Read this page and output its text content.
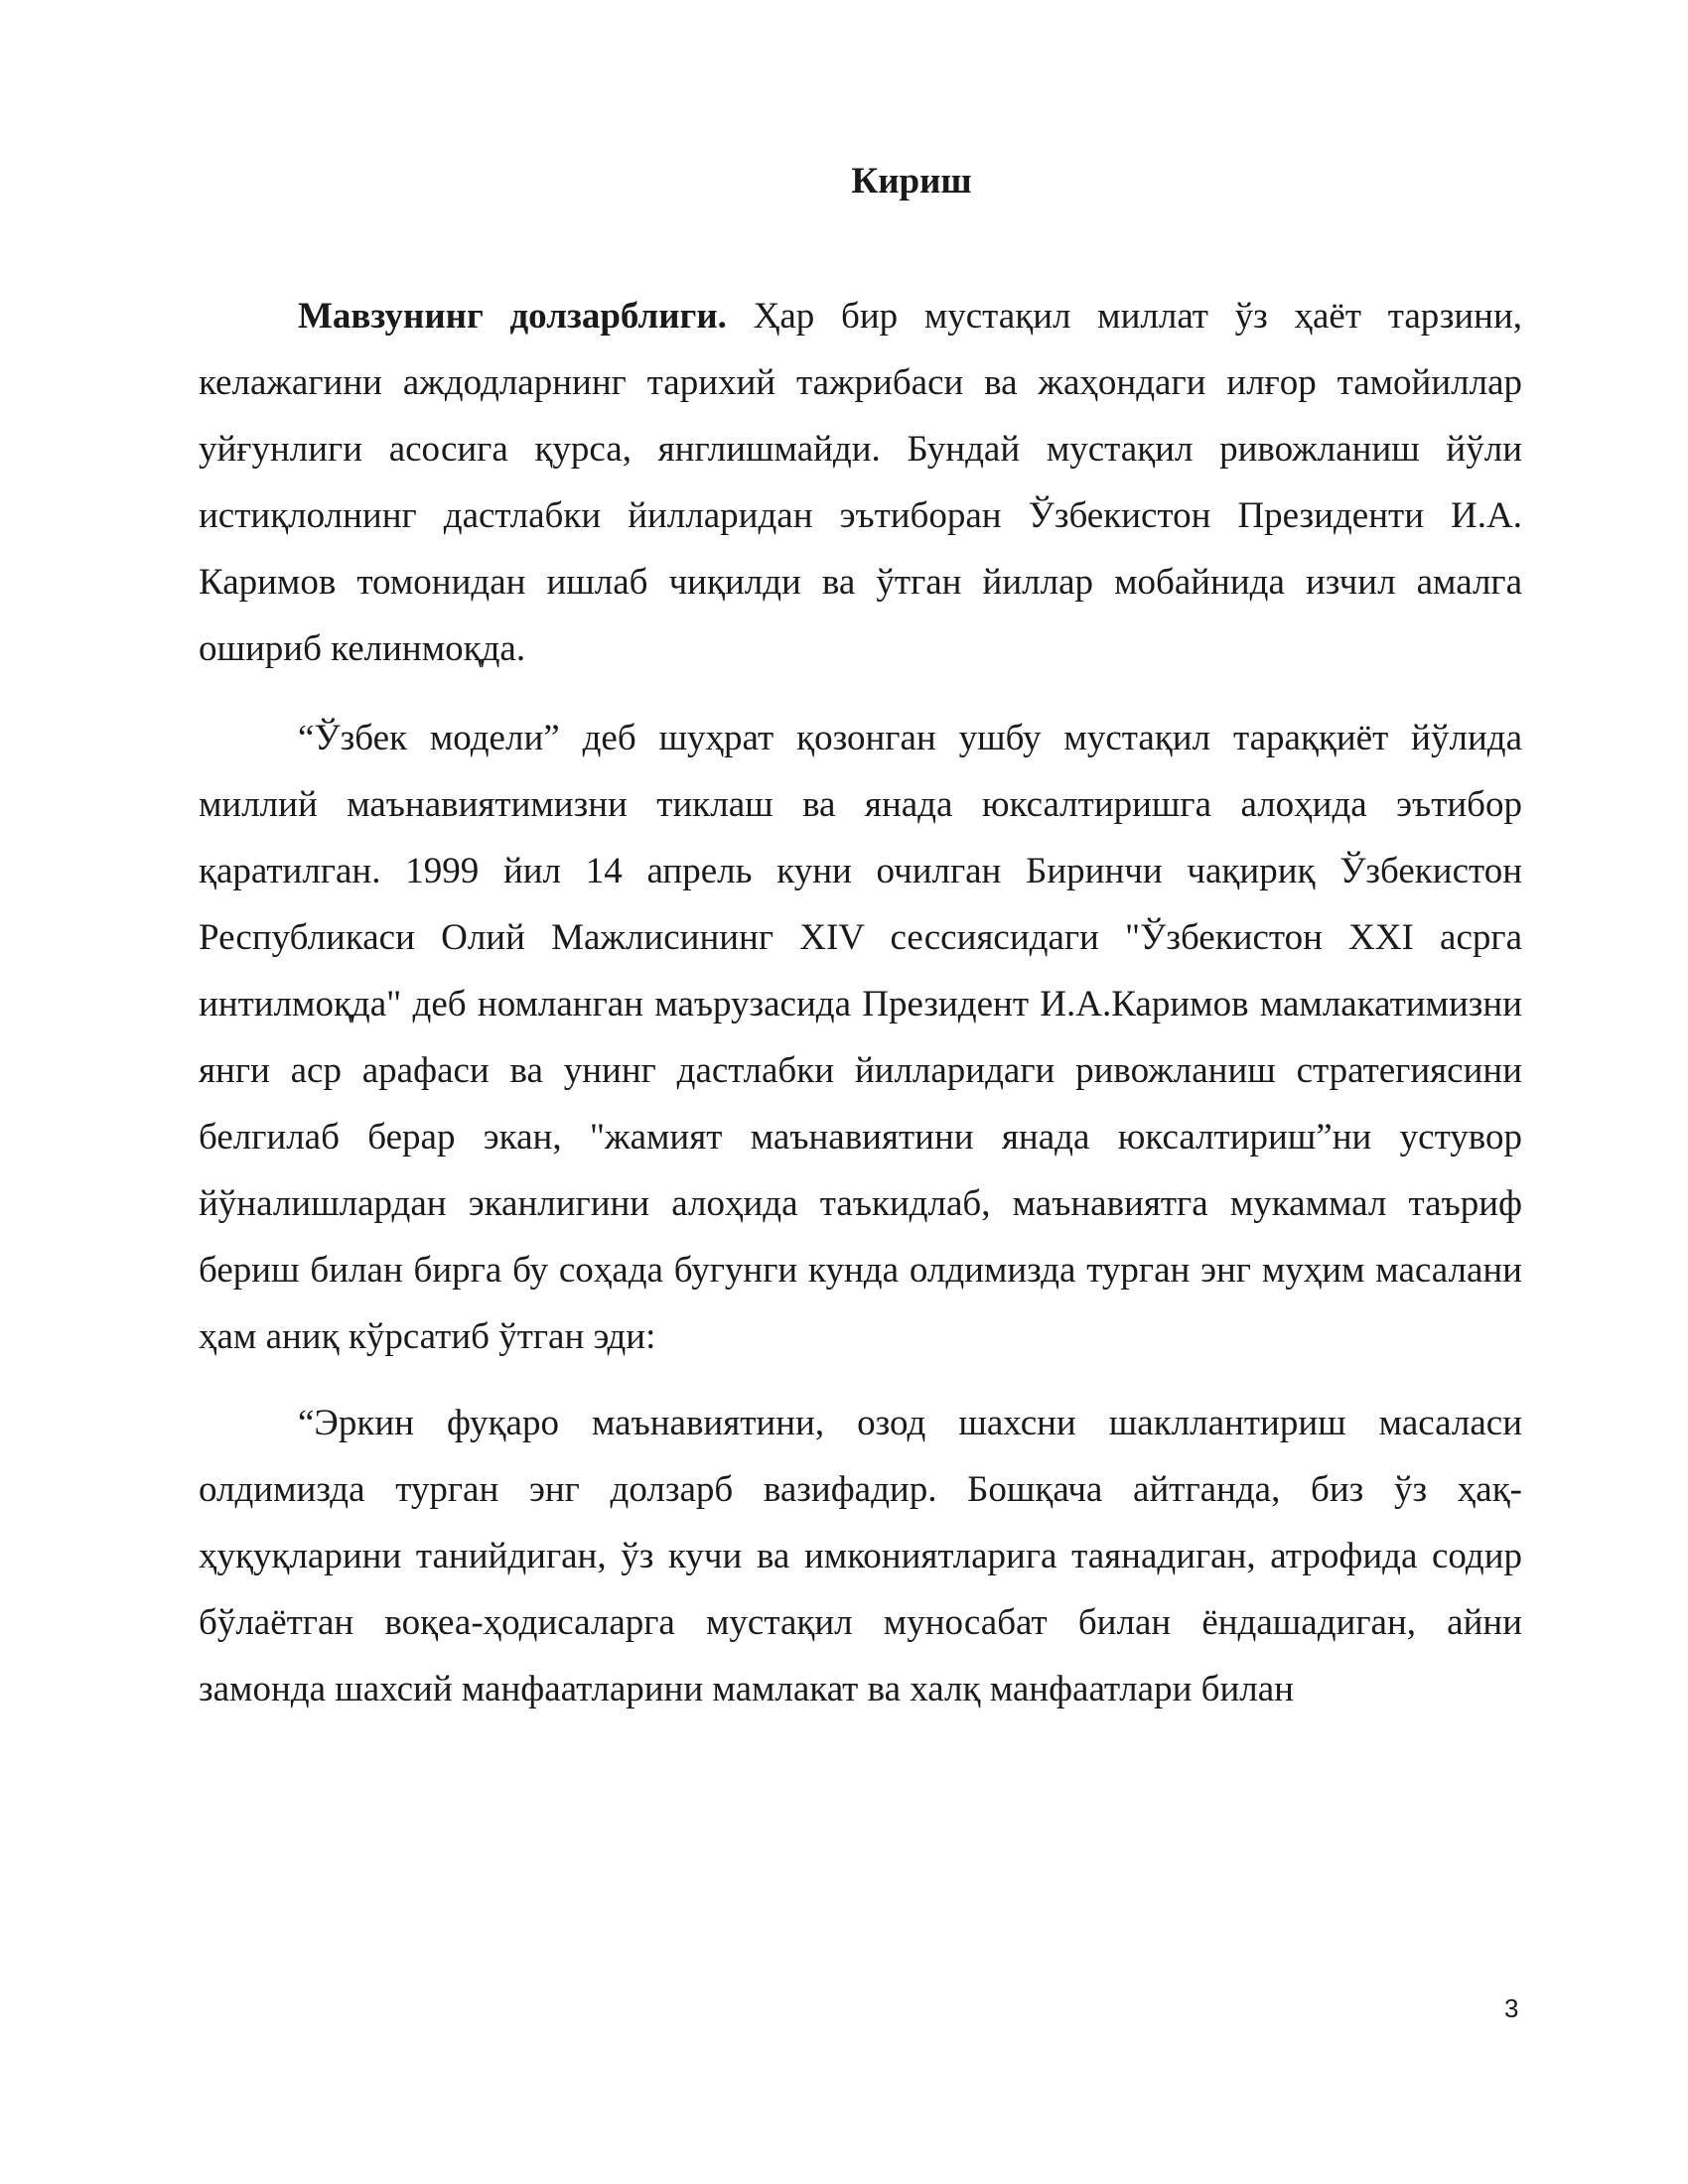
Кириш

Мавзунинг долзарблиги. Ҳар бир мустақил миллат ўз ҳаёт тарзини, келажагини аждодларнинг тарихий тажрибаси ва жаҳондаги илғор тамойиллар уйғунлиги асосига қурса, янглишмайди. Бундай мустақил ривожланиш йўли истиқлолнинг дастлабки йилларидан эътиборан Ўзбекистон Президенти И.А. Каримов томонидан ишлаб чиқилди ва ўтган йиллар мобайнида изчил амалга ошириб келинмоқда.

“Ўзбек модели” деб шуҳрат қозонган ушбу мустақил тараққиёт йўлида миллий маънавиятимизни тиклаш ва янада юксалтиришга алоҳида эътибор қаратилган. 1999 йил 14 апрель куни очилган Биринчи чақириқ Ўзбекистон Республикаси Олий Мажлисининг XIV сессиясидаги "Ўзбекистон XXI асрга интилмоқда" деб номланган маърузасида Президент И.А.Каримов мамлакатимизни янги аср арафаси ва унинг дастлабки йилларидаги ривожланиш стратегиясини белгилаб берар экан, "жамият маънавиятини янада юксалтириш”ни устувор йўналишлардан эканлигини алоҳида таъкидлаб, маънавиятга мукаммал таъриф бериш билан бирга бу соҳада бугунги кунда олдимизда турган энг муҳим масалани ҳам аниқ кўрсатиб ўтган эди:

“Эркин фуқаро маънавиятини, озод шахсни шакллантириш масаласи олдимизда турган энг долзарб вазифадир. Бошқача айтганда, биз ўз ҳақ-ҳуқуқларини танийдиган, ўз кучи ва имкониятларига таянадиган, атрофида содир бўлаётган воқеа-ҳодисаларга мустақил муносабат билан ёндашадиган, айни замонда шахсий манфаатларини мамлакат ва халқ манфаатлари билан

3
